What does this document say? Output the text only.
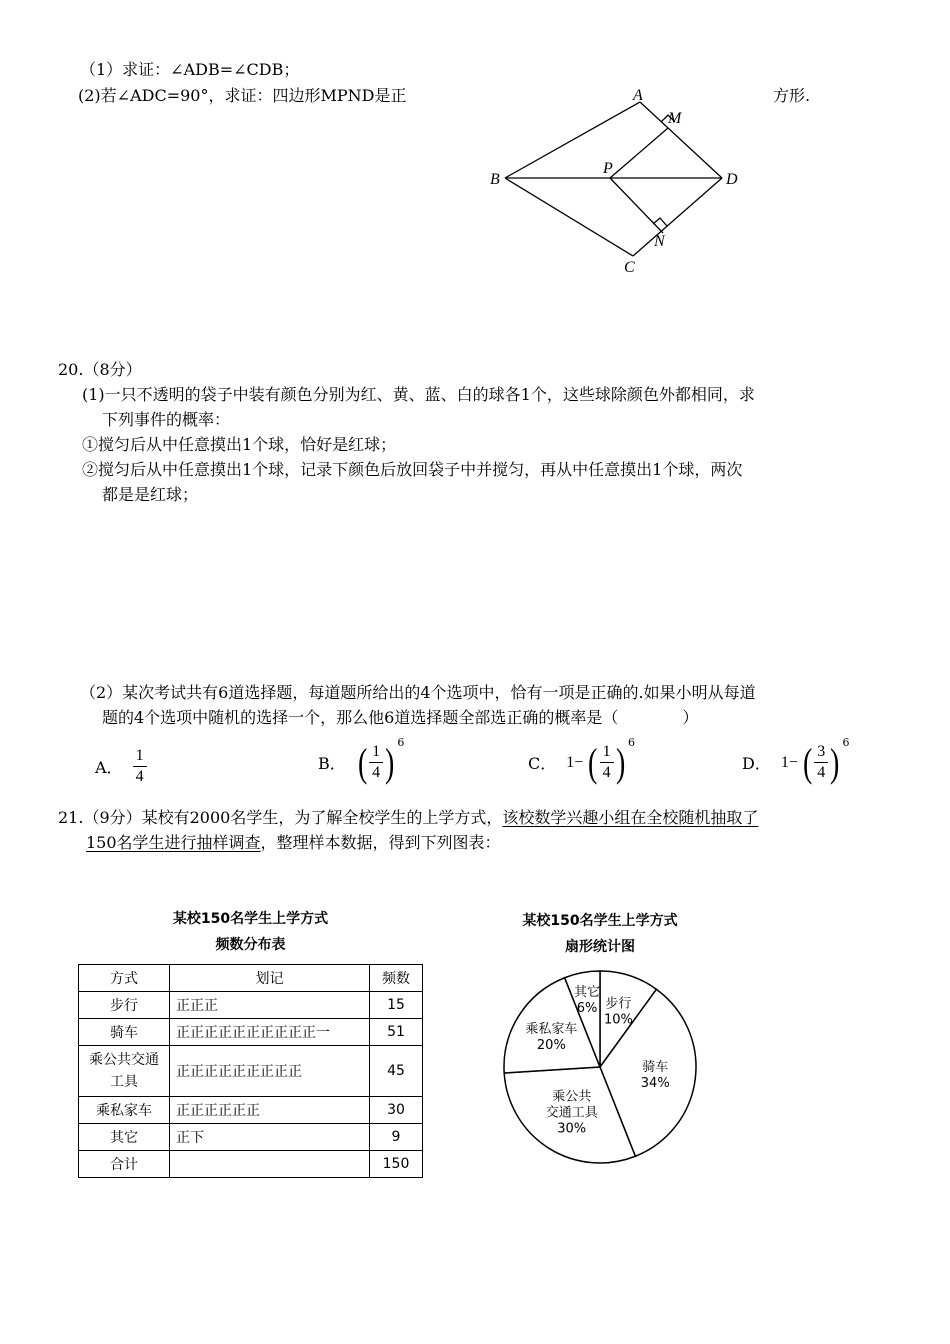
（1）求证：∠ADB=∠CDB；
(2)若∠ADC=90°，求证：四边形MPND是正	方形.
A
B
C
D
M
N
P
20.（8分）
(1)一只不透明的袋子中装有颜色分别为红、黄、蓝、白的球各1个，这些球除颜色外都相同，求
下列事件的概率：
①搅匀后从中任意摸出1个球，恰好是红球；
②搅匀后从中任意摸出1个球，记录下颜色后放回袋子中并搅匀，再从中任意摸出1个球，两次
都是是红球；
（2）某次考试共有6道选择题，每道题所给出的4个选项中，恰有一项是正确的.如果小明从每道
题的4个选项中随机的选择一个，那么他6道选择题全部选正确的概率是（　　　　）
A． $\frac{1}{4}$	B． ( $\frac{1}{4}$ ) 6
C． 1− ( $\frac{1}{4}$ ) 6
D． 1− ( $\frac{3}{4}$ ) 6
21.（9分）某校有2000名学生，为了解全校学生的上学方式，该校数学兴趣小组在全校随机抽取了
150名学生进行抽样调查，整理样本数据，得到下列图表：
某校150名学生上学方式
频数分布表
方式	划记	频数
步行	正正正	15
骑车	正正正正正正正正正正一	51
乘公共交通工具	正正正正正正正正正	45
乘私家车	正正正正正正	30
其它	正下	9
合计		150
某校150名学生上学方式
扇形统计图
步行 10%
骑车 34%
乘公共交通工具 30%
乘私家车 20%
其它 6%
